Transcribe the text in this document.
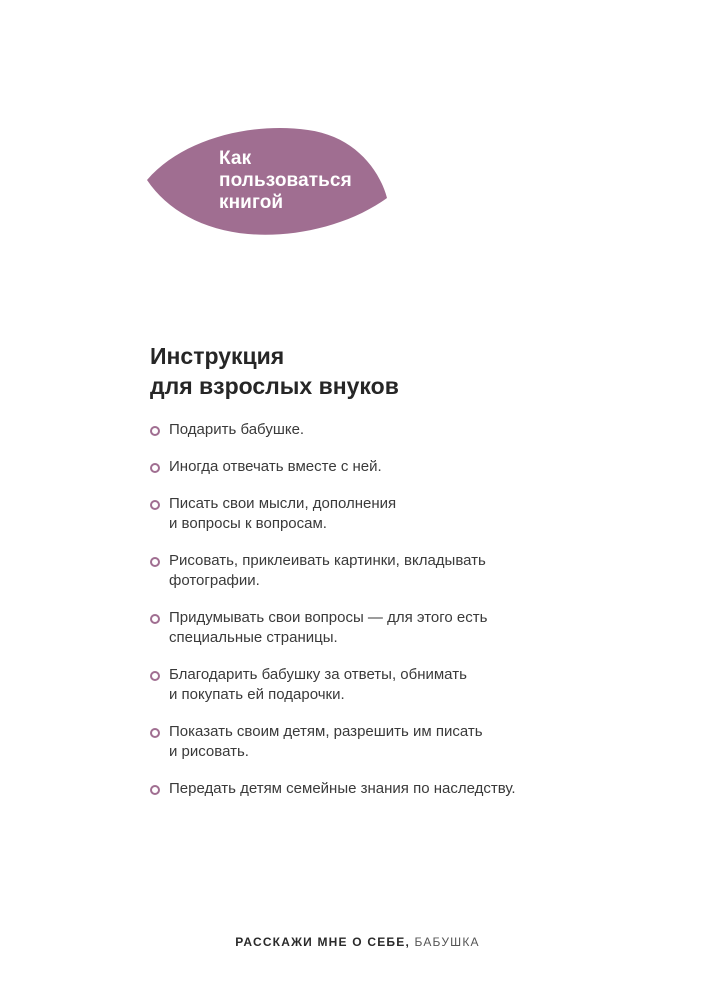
Как
пользоваться
книгой
Инструкция
для взрослых внуков
Подарить бабушке.
Иногда отвечать вместе с ней.
Писать свои мысли, дополнения
и вопросы к вопросам.
Рисовать, приклеивать картинки, вкладывать
фотографии.
Придумывать свои вопросы — для этого есть
специальные страницы.
Благодарить бабушку за ответы, обнимать
и покупать ей подарочки.
Показать своим детям, разрешить им писать
и рисовать.
Передать детям семейные знания по наследству.
РАССКАЖИ МНЕ О СЕБЕ, БАБУШКА
